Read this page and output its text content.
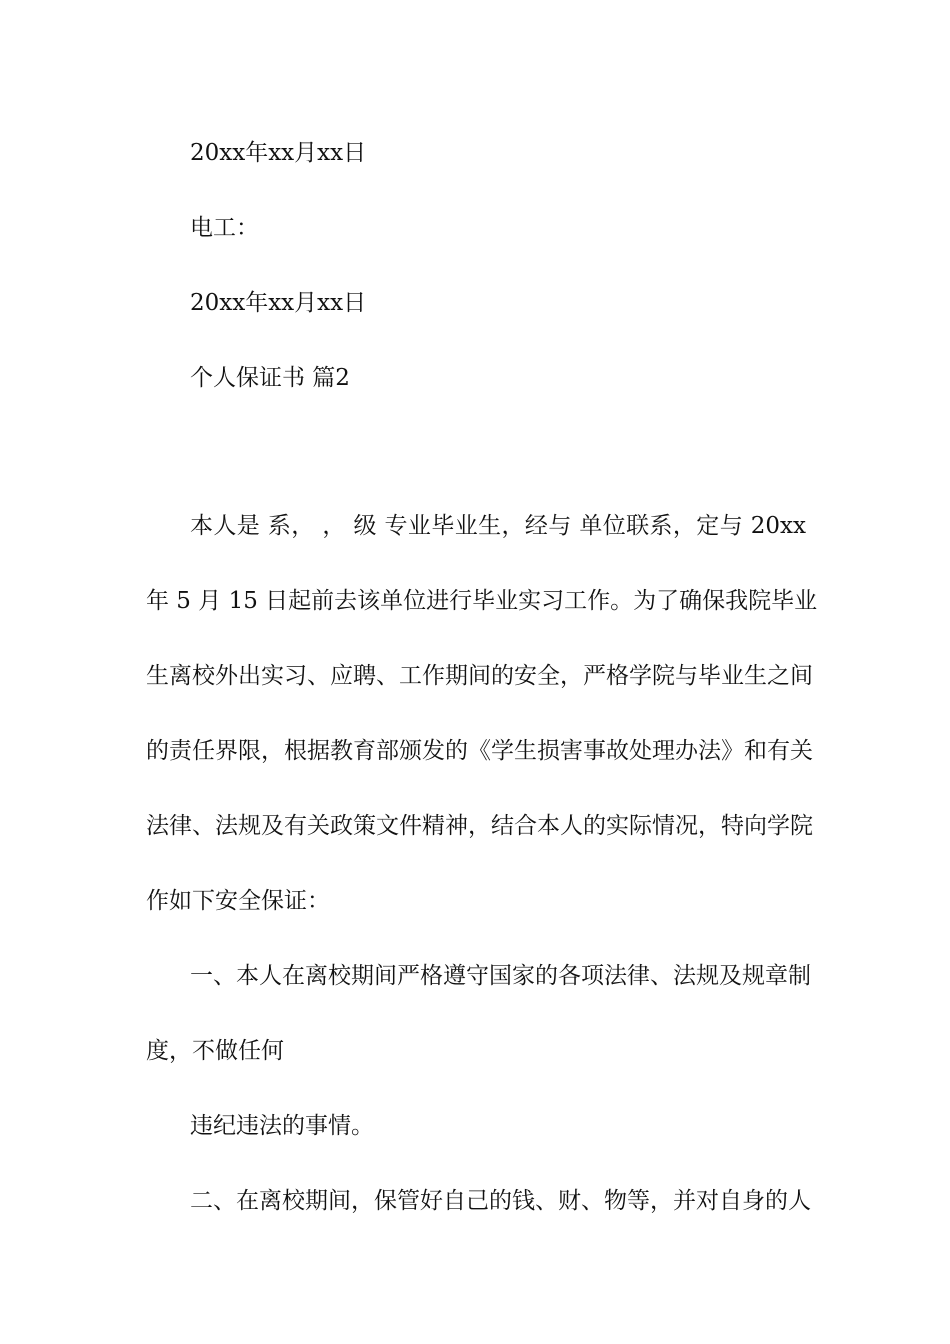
20xx年xx月xx日
电工：
20xx年xx月xx日
个人保证书 篇2
本人是 系， ， 级 专业毕业生，经与 单位联系，定与 20xx
年 5 月 15 日起前去该单位进行毕业实习工作。为了确保我院毕业
生离校外出实习、应聘、工作期间的安全，严格学院与毕业生之间
的责任界限，根据教育部颁发的《学生损害事故处理办法》和有关
法律、法规及有关政策文件精神，结合本人的实际情况，特向学院
作如下安全保证：
一、本人在离校期间严格遵守国家的各项法律、法规及规章制
度，不做任何
违纪违法的事情。
二、在离校期间，保管好自己的钱、财、物等，并对自身的人
